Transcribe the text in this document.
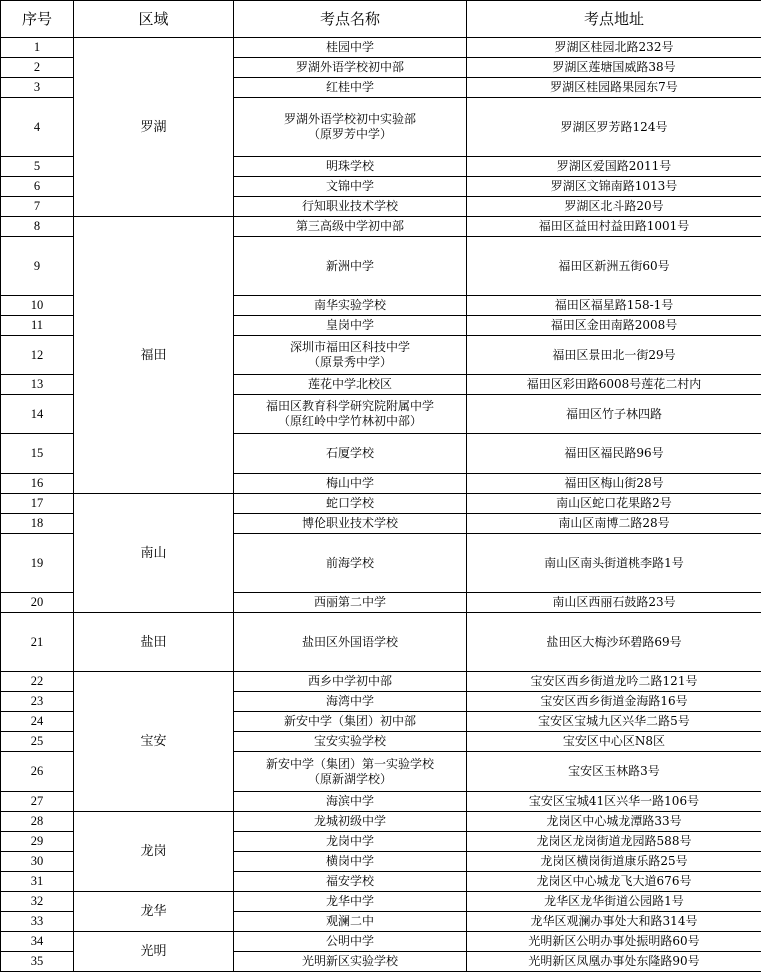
序号	区域	考点名称	考点地址
1	罗湖	桂园中学	罗湖区桂园北路232号
2		罗湖外语学校初中部	罗湖区莲塘国威路38号
3		红桂中学	罗湖区桂园路果园东7号
4		罗湖外语学校初中实验部
（原罗芳中学）	罗湖区罗芳路124号
5		明珠学校	罗湖区爱国路2011号
6		文锦中学	罗湖区文锦南路1013号
7		行知职业技术学校	罗湖区北斗路20号
8	福田	第三高级中学初中部	福田区益田村益田路1001号
9		新洲中学	福田区新洲五街60号
10		南华实验学校	福田区福星路158-1号
11		皇岗中学	福田区金田南路2008号
12		深圳市福田区科技中学
（原景秀中学）	福田区景田北一街29号
13		莲花中学北校区	福田区彩田路6008号莲花二村内
14		福田区教育科学研究院附属中学
（原红岭中学竹林初中部）	福田区竹子林四路
15		石厦学校	福田区福民路96号
16		梅山中学	福田区梅山街28号
17	南山	蛇口学校	南山区蛇口花果路2号
18		博伦职业技术学校	南山区南博二路28号
19		前海学校	南山区南头街道桃李路1号
20		西丽第二中学	南山区西丽石鼓路23号
21	盐田	盐田区外国语学校	盐田区大梅沙环碧路69号
22	宝安	西乡中学初中部	宝安区西乡街道龙吟二路121号
23		海湾中学	宝安区西乡街道金海路16号
24		新安中学（集团）初中部	宝安区宝城九区兴华二路5号
25		宝安实验学校	宝安区中心区N8区
26		新安中学（集团）第一实验学校
（原新湖学校）	宝安区玉林路3号
27		海滨中学	宝安区宝城41区兴华一路106号
28	龙岗	龙城初级中学	龙岗区中心城龙潭路33号
29		龙岗中学	龙岗区龙岗街道龙园路588号
30		横岗中学	龙岗区横岗街道康乐路25号
31		福安学校	龙岗区中心城龙飞大道676号
32	龙华	龙华中学	龙华区龙华街道公园路1号
33		观澜二中	龙华区观澜办事处大和路314号
34	光明	公明中学	光明新区公明办事处振明路60号
35		光明新区实验学校	光明新区凤凰办事处东隆路90号
